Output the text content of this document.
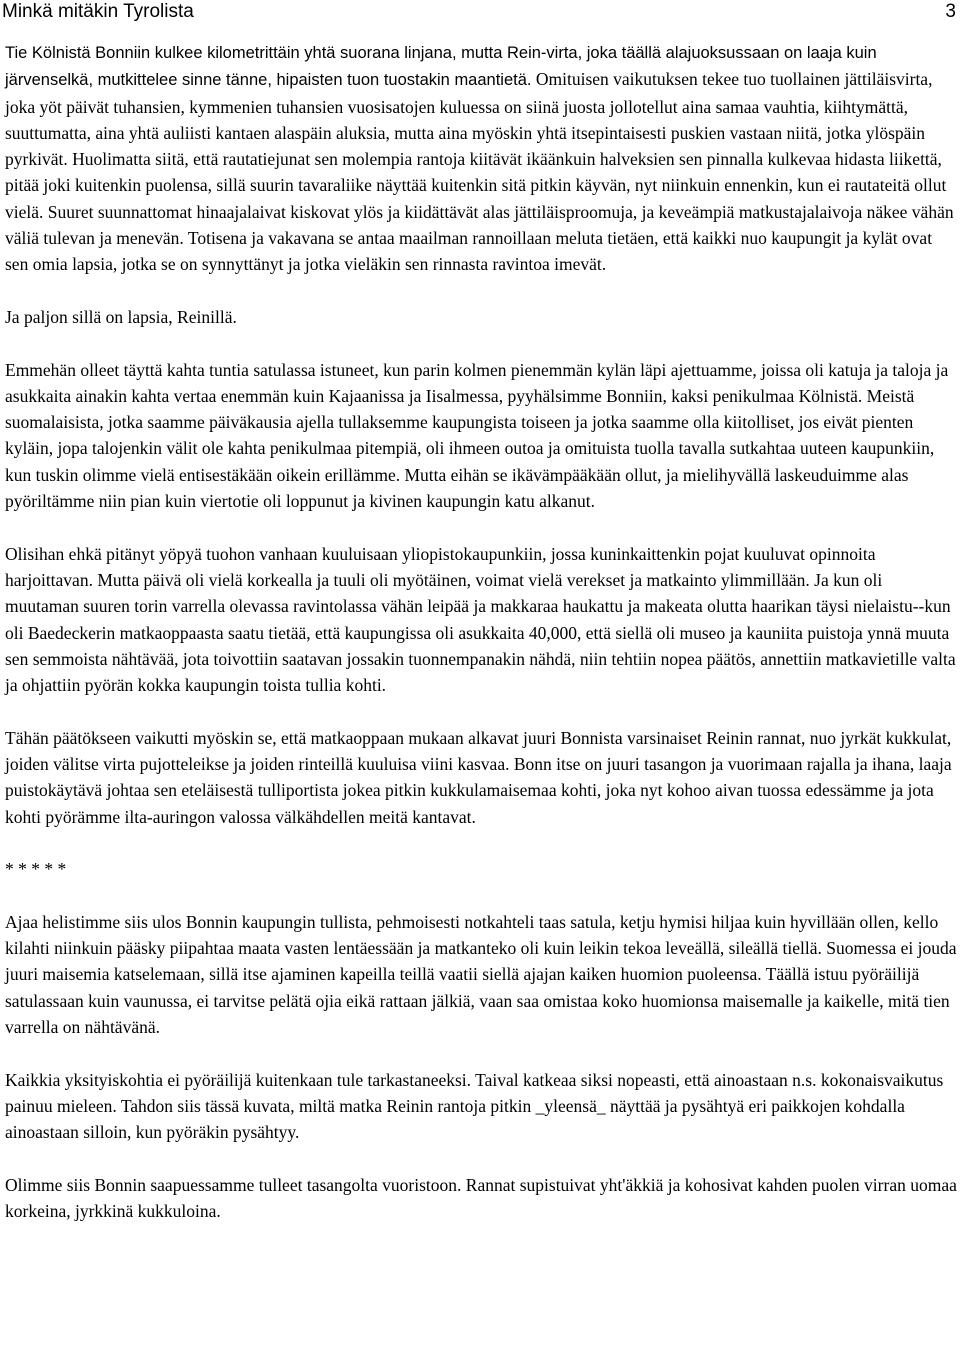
Minkä mitäkin Tyrolista	3

Tie Kölnistä Bonniin kulkee kilometrittäin yhtä suorana linjana, mutta Rein-virta, joka täällä alajuoksussaan on laaja kuin järvenselkä, mutkittelee sinne tänne, hipaisten tuon tuostakin maantietä. Omituisen vaikutuksen tekee tuo tuollainen jättiläisvirta, joka yöt päivät tuhansien, kymmenien tuhansien vuosisatojen kuluessa on siinä juosta jollotellut aina samaa vauhtia, kiihtymättä, suuttumatta, aina yhtä auliisti kantaen alaspäin aluksia, mutta aina myöskin yhtä itsepintaisesti puskien vastaan niitä, jotka ylöspäin pyrkivät. Huolimatta siitä, että rautatiejunat sen molempia rantoja kiitävät ikäänkuin halveksien sen pinnalla kulkevaa hidasta liikettä, pitää joki kuitenkin puolensa, sillä suurin tavaraliike näyttää kuitenkin sitä pitkin käyvän, nyt niinkuin ennenkin, kun ei rautateitä ollut vielä. Suuret suunnattomat hinaajalaivat kiskovat ylös ja kiidättävät alas jättiläisproomuja, ja keveämpiä matkustajalaivoja näkee vähän väliä tulevan ja menevän. Totisena ja vakavana se antaa maailman rannoillaan meluta tietäen, että kaikki nuo kaupungit ja kylät ovat sen omia lapsia, jotka se on synnyttänyt ja jotka vieläkin sen rinnasta ravintoa imevät.

Ja paljon sillä on lapsia, Reinillä.

Emmehän olleet täyttä kahta tuntia satulassa istuneet, kun parin kolmen pienemmän kylän läpi ajettuamme, joissa oli katuja ja taloja ja asukkaita ainakin kahta vertaa enemmän kuin Kajaanissa ja Iisalmessa, pyyhälsimme Bonniin, kaksi penikulmaa Kölnistä. Meistä suomalaisista, jotka saamme päiväkausia ajella tullaksemme kaupungista toiseen ja jotka saamme olla kiitolliset, jos eivät pienten kyläin, jopa talojenkin välit ole kahta penikulmaa pitempiä, oli ihmeen outoa ja omituista tuolla tavalla sutkahtaa uuteen kaupunkiin, kun tuskin olimme vielä entisestäkään oikein erillämme. Mutta eihän se ikävämpääkään ollut, ja mielihyvällä laskeuduimme alas pyöriltämme niin pian kuin viertotie oli loppunut ja kivinen kaupungin katu alkanut.

Olisihan ehkä pitänyt yöpyä tuohon vanhaan kuuluisaan yliopistokaupunkiin, jossa kuninkaittenkin pojat kuuluvat opinnoita harjoittavan. Mutta päivä oli vielä korkealla ja tuuli oli myötäinen, voimat vielä verekset ja matkainto ylimmillään. Ja kun oli muutaman suuren torin varrella olevassa ravintolassa vähän leipää ja makkaraa haukattu ja makeata olutta haarikan täysi nielaistu--kun oli Baedeckerin matkaoppaasta saatu tietää, että kaupungissa oli asukkaita 40,000, että siellä oli museo ja kauniita puistoja ynnä muuta sen semmoista nähtävää, jota toivottiin saatavan jossakin tuonnempanakin nähdä, niin tehtiin nopea päätös, annettiin matkavietille valta ja ohjattiin pyörän kokka kaupungin toista tullia kohti.

Tähän päätökseen vaikutti myöskin se, että matkaoppaan mukaan alkavat juuri Bonnista varsinaiset Reinin rannat, nuo jyrkät kukkulat, joiden välitse virta pujotteleikse ja joiden rinteillä kuuluisa viini kasvaa. Bonn itse on juuri tasangon ja vuorimaan rajalla ja ihana, laaja puistokäytävä johtaa sen eteläisestä tulliportista jokea pitkin kukkulamaisemaa kohti, joka nyt kohoo aivan tuossa edessämme ja jota kohti pyörämme ilta-auringon valossa välkähdellen meitä kantavat.

* * * * *

Ajaa helistimme siis ulos Bonnin kaupungin tullista, pehmoisesti notkahteli taas satula, ketju hymisi hiljaa kuin hyvillään ollen, kello kilahti niinkuin pääsky piipahtaa maata vasten lentäessään ja matkanteko oli kuin leikin tekoa leveällä, sileällä tiellä. Suomessa ei jouda juuri maisemia katselemaan, sillä itse ajaminen kapeilla teillä vaatii siellä ajajan kaiken huomion puoleensa. Täällä istuu pyöräilijä satulassaan kuin vaunussa, ei tarvitse pelätä ojia eikä rattaan jälkiä, vaan saa omistaa koko huomionsa maisemalle ja kaikelle, mitä tien varrella on nähtävänä.

Kaikkia yksityiskohtia ei pyöräilijä kuitenkaan tule tarkastaneeksi. Taival katkeaa siksi nopeasti, että ainoastaan n.s. kokonaisvaikutus painuu mieleen. Tahdon siis tässä kuvata, miltä matka Reinin rantoja pitkin _yleensä_ näyttää ja pysähtyä eri paikkojen kohdalla ainoastaan silloin, kun pyöräkin pysähtyy.

Olimme siis Bonnin saapuessamme tulleet tasangolta vuoristoon. Rannat supistuivat yht'äkkiä ja kohosivat kahden puolen virran uomaa korkeina, jyrkkinä kukkuloina.
